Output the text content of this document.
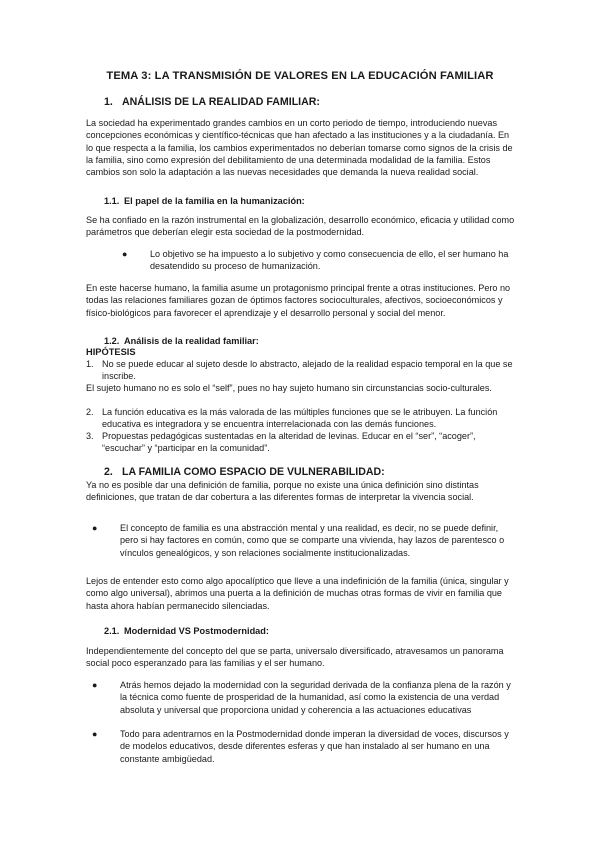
TEMA 3: LA TRANSMISIÓN DE VALORES EN LA EDUCACIÓN FAMILIAR
1. ANÁLISIS DE LA REALIDAD FAMILIAR:
La sociedad ha experimentado grandes cambios en un corto periodo de tiempo, introduciendo nuevas concepciones económicas y científico-técnicas que han afectado a las instituciones y a la ciudadanía. En lo que respecta a la familia, los cambios experimentados no deberían tomarse como signos de la crisis de la familia, sino como expresión del debilitamiento de una determinada modalidad de la familia. Estos cambios son solo la adaptación a las nuevas necesidades que demanda la nueva realidad social.
1.1. El papel de la familia en la humanización:
Se ha confiado en la razón instrumental en la globalización, desarrollo económico, eficacia y utilidad como parámetros que deberían elegir esta sociedad de la postmodernidad.
● Lo objetivo se ha impuesto a lo subjetivo y como consecuencia de ello, el ser humano ha desatendido su proceso de humanización.
En este hacerse humano, la familia asume un protagonismo principal frente a otras instituciones. Pero no todas las relaciones familiares gozan de óptimos factores socioculturales, afectivos, socioeconómicos y físico-biológicos para favorecer el aprendizaje y el desarrollo personal y social del menor.
1.2. Análisis de la realidad familiar:
HIPÓTESIS
1. No se puede educar al sujeto desde lo abstracto, alejado de la realidad espacio temporal en la que se inscribe.
El sujeto humano no es solo el “self”, pues no hay sujeto humano sin circunstancias socio-culturales.
2. La función educativa es la más valorada de las múltiples funciones que se le atribuyen. La función educativa es integradora y se encuentra interrelacionada con las demás funciones.
3. Propuestas pedagógicas sustentadas en la alteridad de levinas. Educar en el “ser”, “acoger”, “escuchar” y “participar en la comunidad”.
2. LA FAMILIA COMO ESPACIO DE VULNERABILIDAD:
Ya no es posible dar una definición de familia, porque no existe una única definición sino distintas definiciones, que tratan de dar cobertura a las diferentes formas de interpretar la vivencia social.
● El concepto de familia es una abstracción mental y una realidad, es decir, no se puede definir, pero si hay factores en común, como que se comparte una vivienda, hay lazos de parentesco o vínculos genealógicos, y son relaciones socialmente institucionalizadas.
Lejos de entender esto como algo apocalíptico que lleve a una indefinición de la familia (única, singular y como algo universal), abrimos una puerta a la definición de muchas otras formas de vivir en familia que hasta ahora habían permanecido silenciadas.
2.1. Modernidad VS Postmodernidad:
Independientemente del concepto del que se parta, universalo diversificado, atravesamos un panorama social poco esperanzado para las familias y el ser humano.
● Atrás hemos dejado la modernidad con la seguridad derivada de la confianza plena de la razón y la técnica como fuente de prosperidad de la humanidad, así como la existencia de una verdad absoluta y universal que proporciona unidad y coherencia a las actuaciones educativas
● Todo para adentrarnos en la Postmodernidad donde imperan la diversidad de voces, discursos y de modelos educativos, desde diferentes esferas y que han instalado al ser humano en una constante ambigüedad.
